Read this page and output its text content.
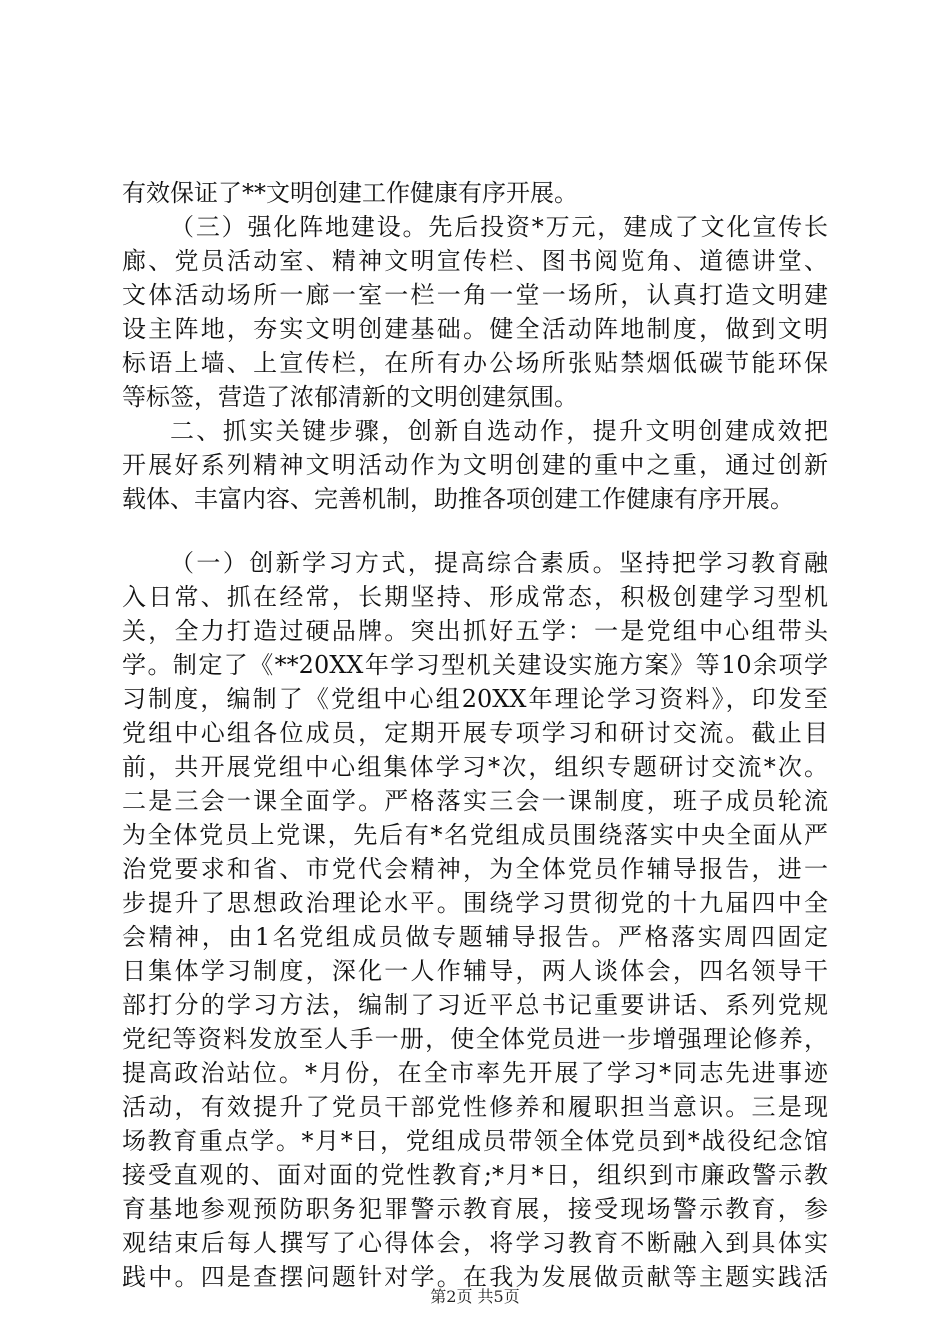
有效保证了**文明创建工作健康有序开展。
（三）强化阵地建设。先后投资*万元，建成了文化宣传长
廊、党员活动室、精神文明宣传栏、图书阅览角、道德讲堂、
文体活动场所一廊一室一栏一角一堂一场所，认真打造文明建
设主阵地，夯实文明创建基础。健全活动阵地制度，做到文明
标语上墙、上宣传栏，在所有办公场所张贴禁烟低碳节能环保
等标签，营造了浓郁清新的文明创建氛围。
二、抓实关键步骤，创新自选动作，提升文明创建成效把
开展好系列精神文明活动作为文明创建的重中之重，通过创新
载体、丰富内容、完善机制，助推各项创建工作健康有序开展。
（一）创新学习方式，提高综合素质。坚持把学习教育融
入日常、抓在经常，长期坚持、形成常态，积极创建学习型机
关，全力打造过硬品牌。突出抓好五学：一是党组中心组带头
学。制定了《**20XX年学习型机关建设实施方案》等10余项学
习制度，编制了《党组中心组20XX年理论学习资料》，印发至
党组中心组各位成员，定期开展专项学习和研讨交流。截止目
前，共开展党组中心组集体学习*次，组织专题研讨交流*次。
二是三会一课全面学。严格落实三会一课制度，班子成员轮流
为全体党员上党课，先后有*名党组成员围绕落实中央全面从严
治党要求和省、市党代会精神，为全体党员作辅导报告，进一
步提升了思想政治理论水平。围绕学习贯彻党的十九届四中全
会精神，由1名党组成员做专题辅导报告。严格落实周四固定
日集体学习制度，深化一人作辅导，两人谈体会，四名领导干
部打分的学习方法，编制了习近平总书记重要讲话、系列党规
党纪等资料发放至人手一册，使全体党员进一步增强理论修养，
提高政治站位。*月份，在全市率先开展了学习*同志先进事迹
活动，有效提升了党员干部党性修养和履职担当意识。三是现
场教育重点学。*月*日，党组成员带领全体党员到*战役纪念馆
接受直观的、面对面的党性教育;*月*日，组织到市廉政警示教
育基地参观预防职务犯罪警示教育展，接受现场警示教育，参
观结束后每人撰写了心得体会，将学习教育不断融入到具体实
践中。四是查摆问题针对学。在我为发展做贡献等主题实践活
第2页 共5页
